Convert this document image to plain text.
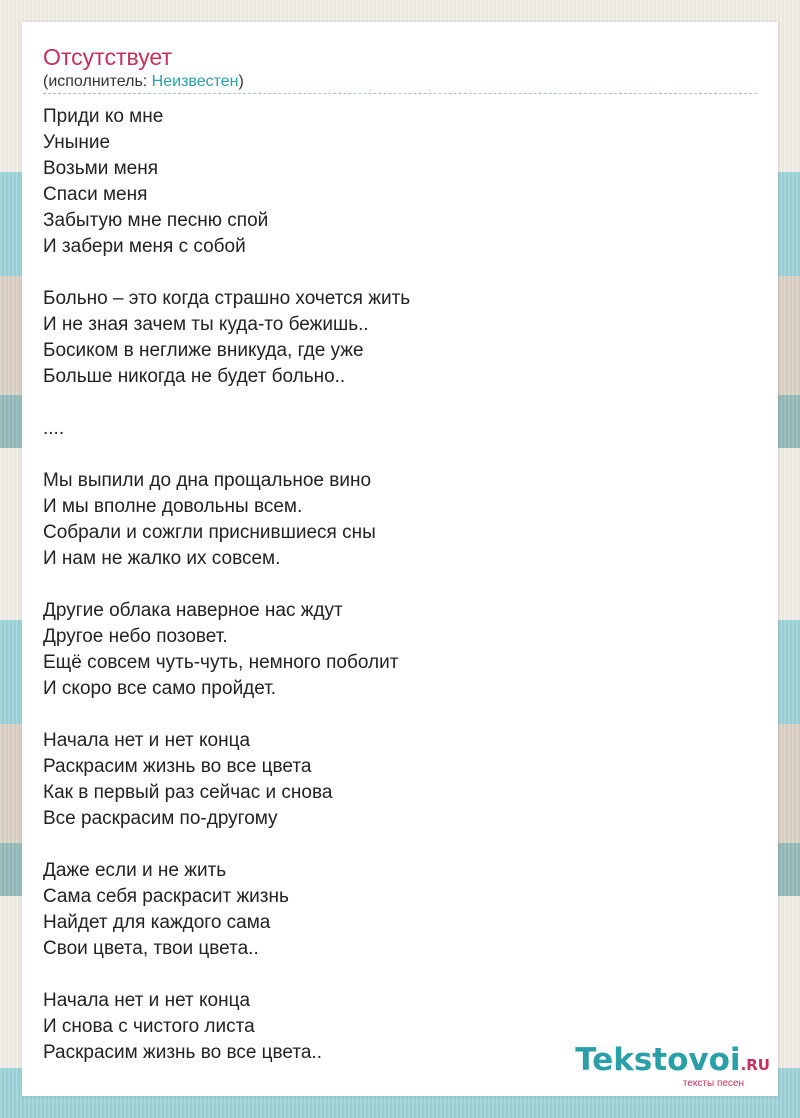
Отсутствует
(исполнитель: Неизвестен)
Приди ко мне
Уныние
Возьми меня
Спаси меня
Забытую мне песню спой
И забери меня с собой
Больно – это когда страшно хочется жить
И не зная зачем ты куда-то бежишь..
Босиком в неглиже вникуда, где уже
Больше никогда не будет больно..
....
Мы выпили до дна прощальное вино
И мы вполне довольны всем.
Собрали и сожгли приснившиеся сны
И нам не жалко их совсем.
Другие облака наверное нас ждут
Другое небо позовет.
Ещё совсем чуть-чуть, немного поболит
И скоро все само пройдет.
Начала нет и нет конца
Раскрасим жизнь во все цвета
Как в первый раз сейчас и снова
Все раскрасим по-другому
Даже если и не жить
Сама себя раскрасит жизнь
Найдет для каждого сама
Свои цвета, твои цвета..
Начала нет и нет конца
И снова с чистого листа
Раскрасим жизнь во все цвета..	Tekstovoi.RU
тексты песен
